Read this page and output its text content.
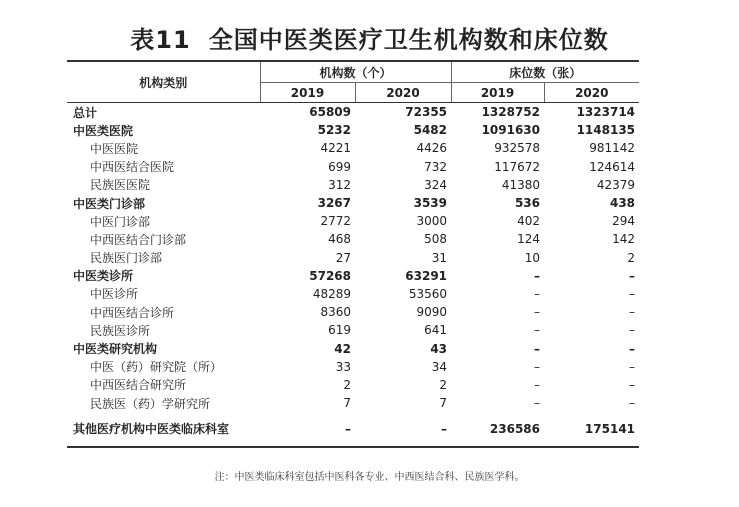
表11 全国中医类医疗卫生机构数和床位数
机构类别	机构数（个）		床位数（张）	
	2019	2020	2019	2020
总计	65809	72355	1328752	1323714
中医类医院	5232	5482	1091630	1148135
中医医院	4221	4426	932578	981142
中西医结合医院	699	732	117672	124614
民族医医院	312	324	41380	42379
中医类门诊部	3267	3539	536	438
中医门诊部	2772	3000	402	294
中西医结合门诊部	468	508	124	142
民族医门诊部	27	31	10	2
中医类诊所	57268	63291	–	–
中医诊所	48289	53560	–	–
中西医结合诊所	8360	9090	–	–
民族医诊所	619	641	–	–
中医类研究机构	42	43	–	–
中医（药）研究院（所）	33	34	–	–
中西医结合研究所	2	2	–	–
民族医（药）学研究所	7	7	–	–
其他医疗机构中医类临床科室	–	–	236586	175141
注：中医类临床科室包括中医科各专业、中西医结合科、民族医学科。
